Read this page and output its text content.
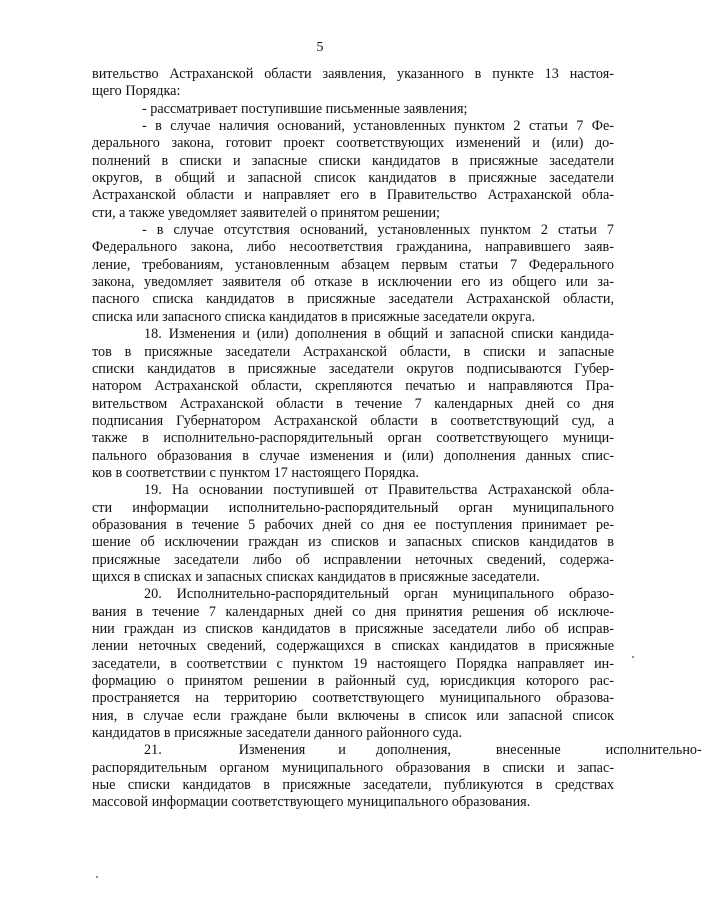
5
вительство Астраханской области заявления, указанного в пункте 13 настоя-
щего Порядка:
- рассматривает поступившие письменные заявления;
- в случае наличия оснований, установленных пунктом 2 статьи 7 Фе-
дерального закона, готовит проект соответствующих изменений и (или) до-
полнений в списки и запасные списки кандидатов в присяжные заседатели
округов, в общий и запасной список кандидатов в присяжные заседатели
Астраханской области и направляет его в Правительство Астраханской обла-
сти, а также уведомляет заявителей о принятом решении;
- в случае отсутствия оснований, установленных пунктом 2 статьи 7
Федерального закона, либо несоответствия гражданина, направившего заяв-
ление, требованиям, установленным абзацем первым статьи 7 Федерального
закона, уведомляет заявителя об отказе в исключении его из общего или за-
пасного списка кандидатов в присяжные заседатели Астраханской области,
списка или запасного списка кандидатов в присяжные заседатели округа.
18. Изменения и (или) дополнения в общий и запасной списки кандида-
тов в присяжные заседатели Астраханской области, в списки и запасные
списки кандидатов в присяжные заседатели округов подписываются Губер-
натором Астраханской области, скрепляются печатью и направляются Пра-
вительством Астраханской области в течение 7 календарных дней со дня
подписания Губернатором Астраханской области в соответствующий суд, а
также в исполнительно-распорядительный орган соответствующего муници-
пального образования в случае изменения и (или) дополнения данных спис-
ков в соответствии с пунктом 17 настоящего Порядка.
19. На основании поступившей от Правительства Астраханской обла-
сти информации исполнительно-распорядительный орган муниципального
образования в течение 5 рабочих дней со дня ее поступления принимает ре-
шение об исключении граждан из списков и запасных списков кандидатов в
присяжные заседатели либо об исправлении неточных сведений, содержа-
щихся в списках и запасных списках кандидатов в присяжные заседатели.
20. Исполнительно-распорядительный орган муниципального образо-
вания в течение 7 календарных дней со дня принятия решения об исключе-
нии граждан из списков кандидатов в присяжные заседатели либо об исправ-
лении неточных сведений, содержащихся в списках кандидатов в присяжные
заседатели, в соответствии с пунктом 19 настоящего Порядка направляет ин-
формацию о принятом решении в районный суд, юрисдикция которого рас-
пространяется на территорию соответствующего муниципального образова-
ния, в случае если граждане были включены в список или запасной список
кандидатов в присяжные заседатели данного районного суда.
21.	Изменения и дополнения,	внесенные	исполнительно-
распорядительным органом муниципального образования в списки и запас-
ные списки кандидатов в присяжные заседатели, публикуются в средствах
массовой информации соответствующего муниципального образования.
